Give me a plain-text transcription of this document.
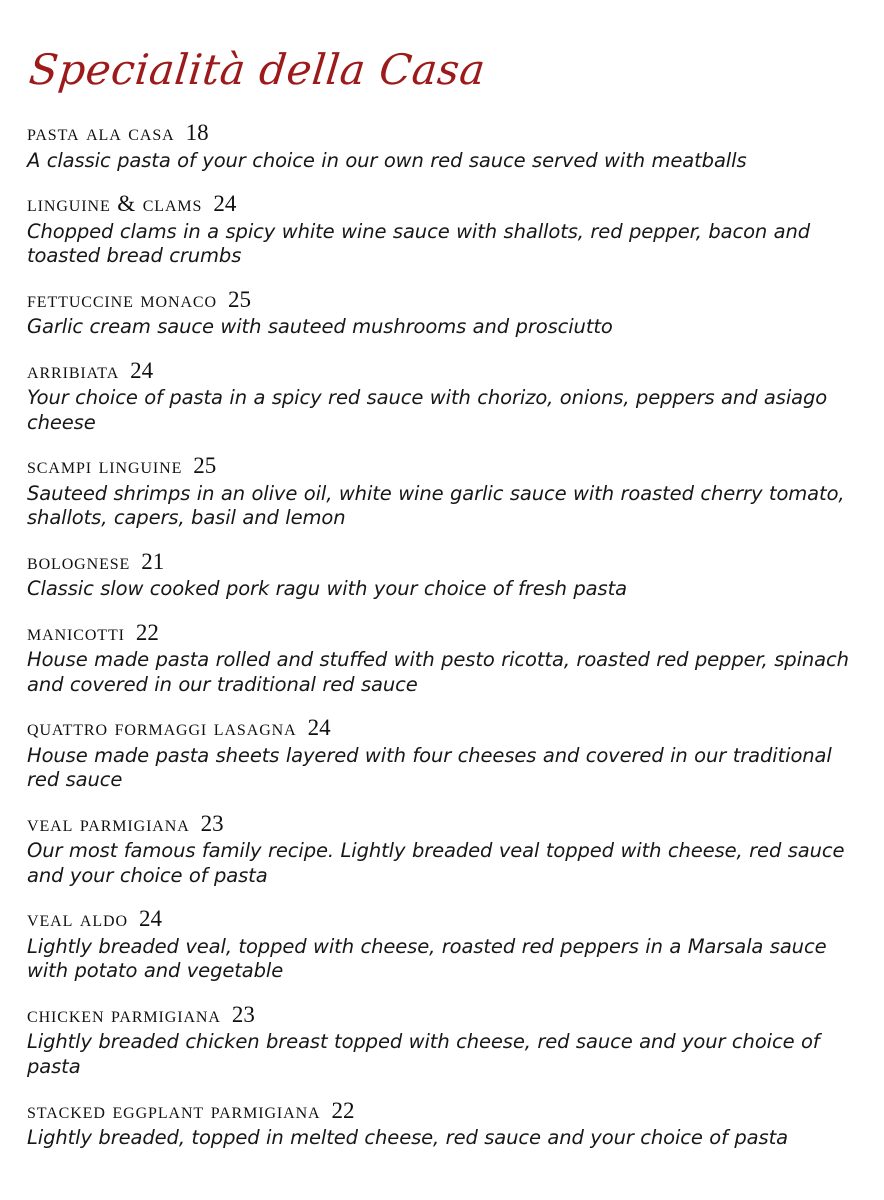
Specialità della Casa
pasta ala casa 18
A classic pasta of your choice in our own red sauce served with meatballs
linguine & clams 24
Chopped clams in a spicy white wine sauce with shallots, red pepper, bacon and toasted bread crumbs
fettuccine monaco 25
Garlic cream sauce with sauteed mushrooms and prosciutto
arribiata 24
Your choice of pasta in a spicy red sauce with chorizo, onions, peppers and asiago cheese
scampi linguine 25
Sauteed shrimps in an olive oil, white wine garlic sauce with roasted cherry tomato, shallots, capers, basil and lemon
bolognese 21
Classic slow cooked pork ragu with your choice of fresh pasta
manicotti 22
House made pasta rolled and stuffed with pesto ricotta, roasted red pepper, spinach and covered in our traditional red sauce
quattro formaggi lasagna 24
House made pasta sheets layered with four cheeses and covered in our traditional red sauce
veal parmigiana 23
Our most famous family recipe. Lightly breaded veal topped with cheese, red sauce and your choice of pasta
veal aldo 24
Lightly breaded veal, topped with cheese, roasted red peppers in a Marsala sauce with potato and vegetable
chicken parmigiana 23
Lightly breaded chicken breast topped with cheese, red sauce and your choice of pasta
stacked eggplant parmigiana 22
Lightly breaded, topped in melted cheese, red sauce and your choice of pasta
